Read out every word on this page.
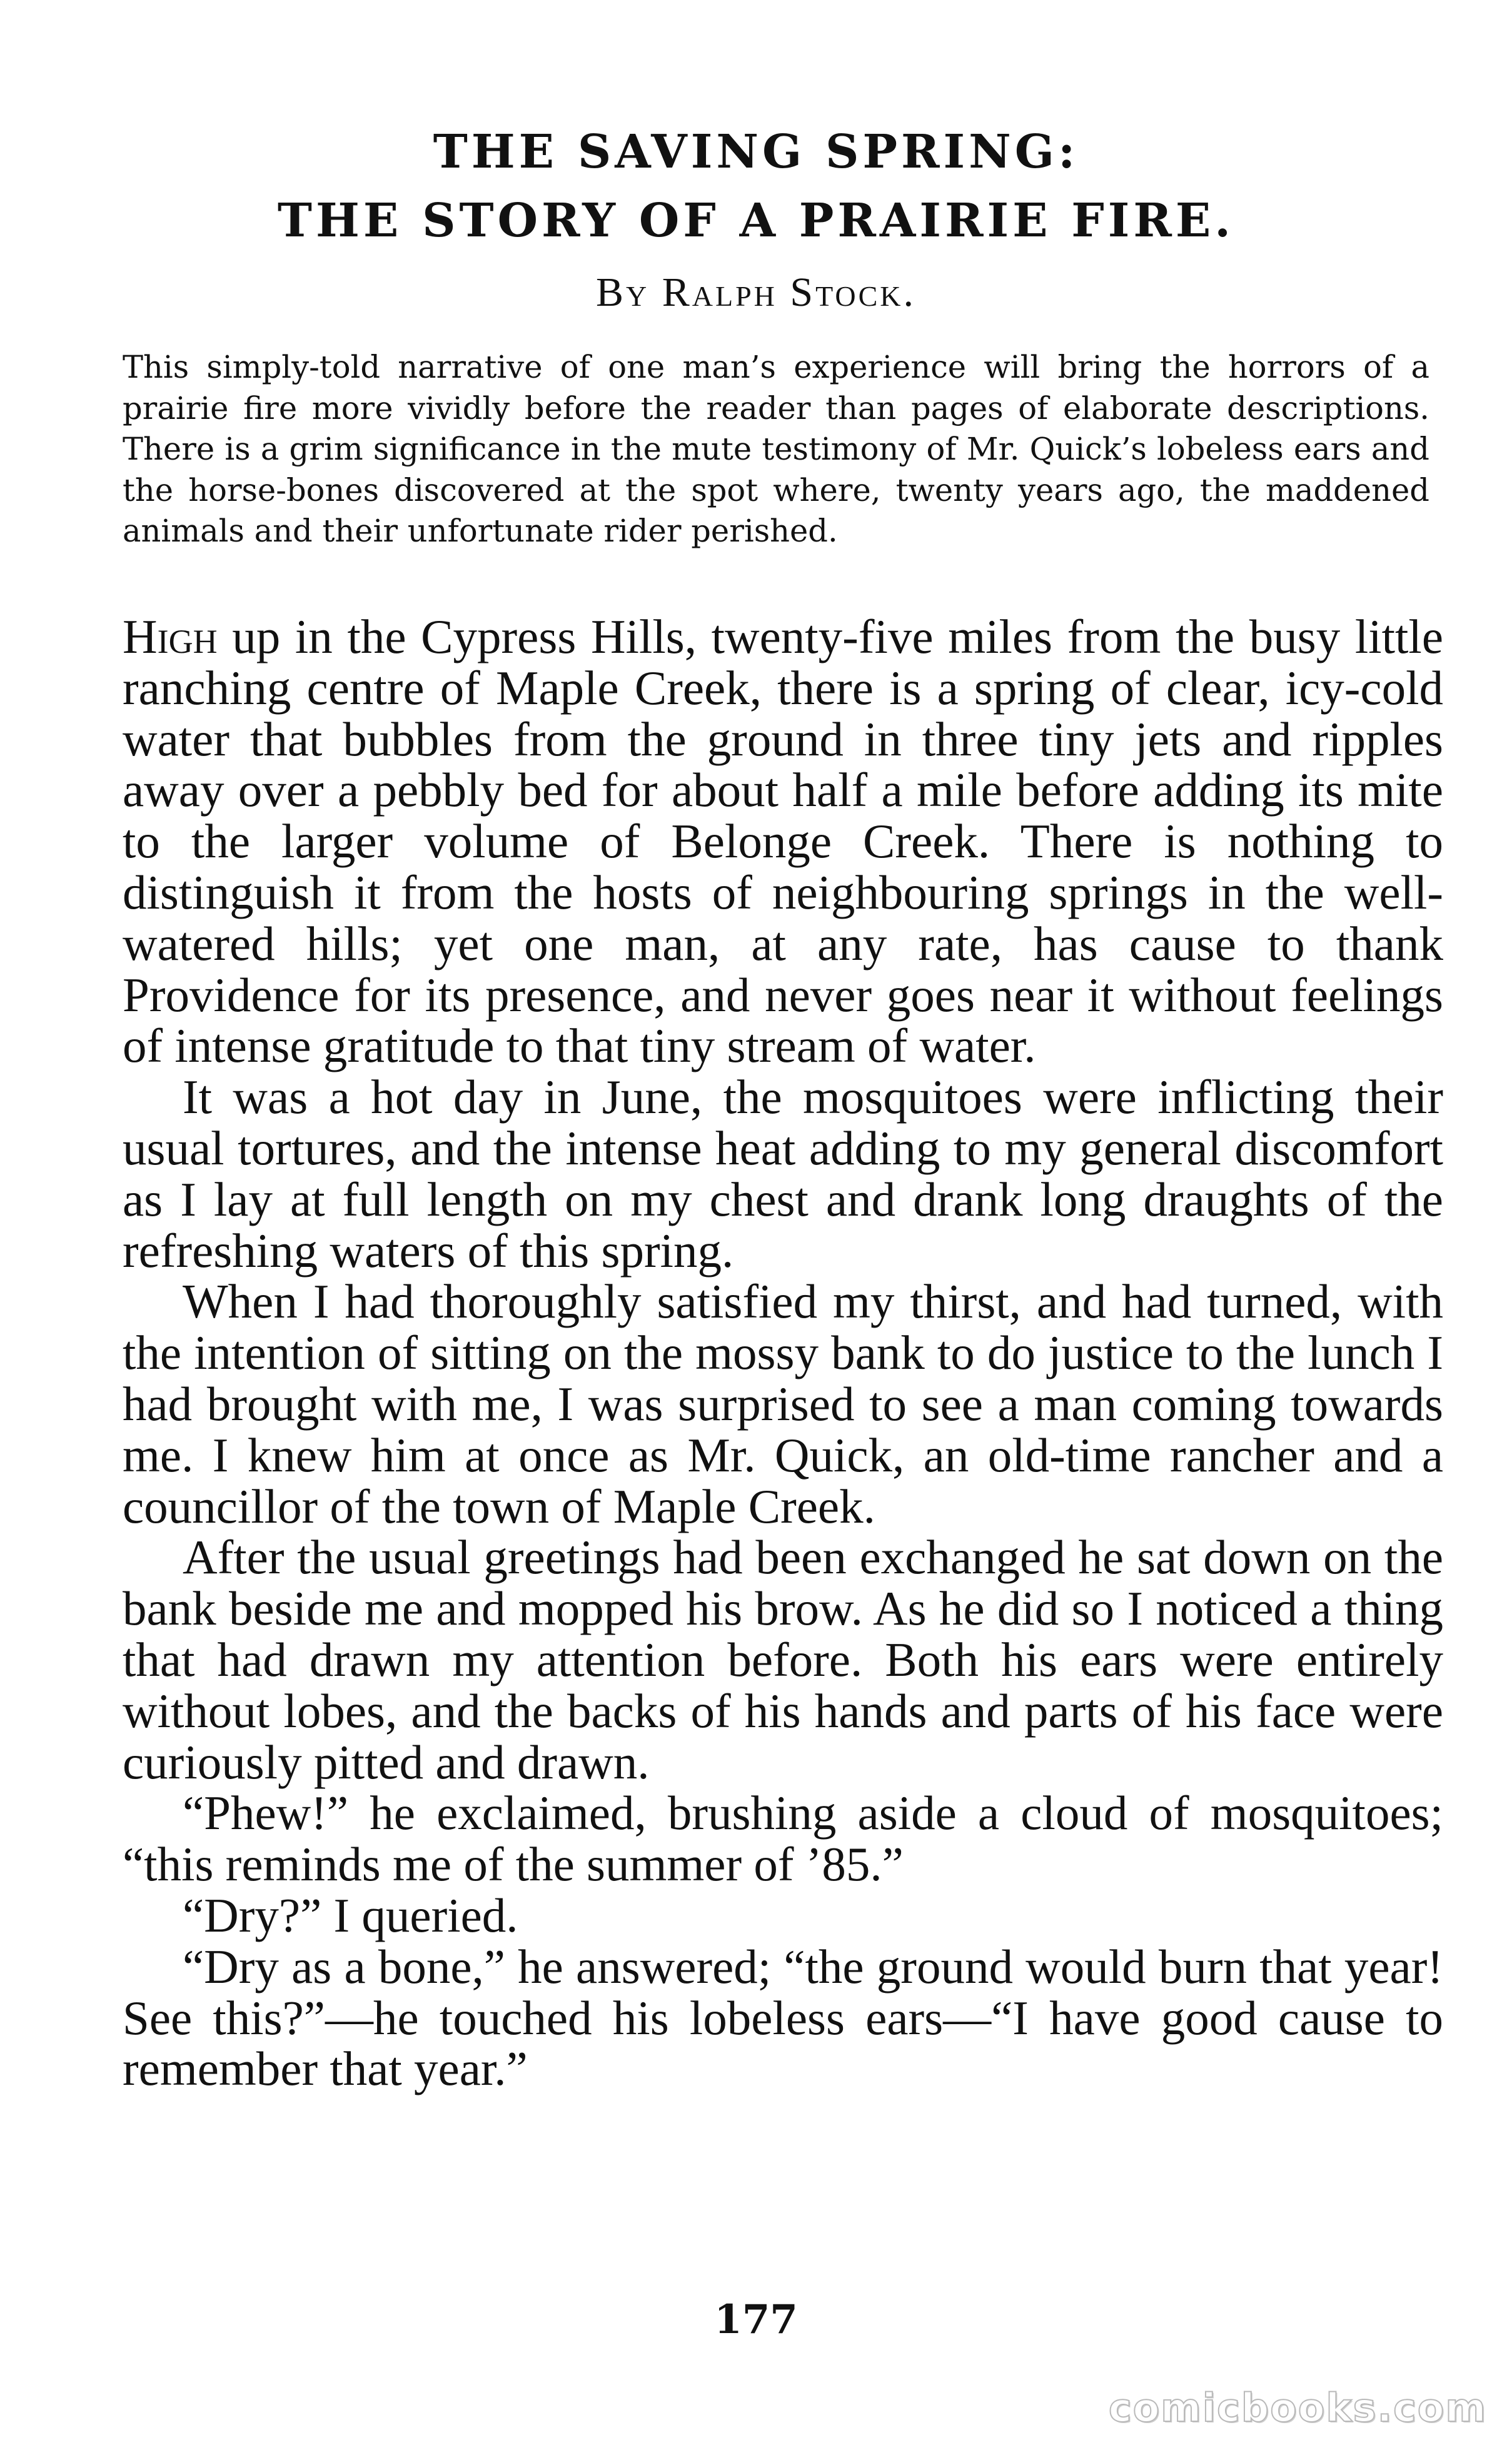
THE SAVING SPRING:
THE STORY OF A PRAIRIE FIRE.
By Ralph Stock.
This simply-told narrative of one man’s experience will bring the horrors of a prairie fire more vividly before the reader than pages of elaborate descriptions. There is a grim significance in the mute testimony of Mr. Quick’s lobeless ears and the horse-bones discovered at the spot where, twenty years ago, the maddened animals and their unfortunate rider perished.

High up in the Cypress Hills, twenty-five miles from the busy little ranching centre of Maple Creek, there is a spring of clear, icy-cold water that bubbles from the ground in three tiny jets and ripples away over a pebbly bed for about half a mile before adding its mite to the larger volume of Belonge Creek. There is nothing to distinguish it from the hosts of neighbouring springs in the well-watered hills; yet one man, at any rate, has cause to thank Providence for its presence, and never goes near it without feelings of intense gratitude to that tiny stream of water.

It was a hot day in June, the mosquitoes were inflicting their usual tortures, and the intense heat adding to my general discomfort as I lay at full length on my chest and drank long draughts of the refreshing waters of this spring.

When I had thoroughly satisfied my thirst, and had turned, with the intention of sitting on the mossy bank to do justice to the lunch I had brought with me, I was surprised to see a man coming towards me. I knew him at once as Mr. Quick, an old-time rancher and a councillor of the town of Maple Creek.

After the usual greetings had been exchanged he sat down on the bank beside me and mopped his brow. As he did so I noticed a thing that had drawn my attention before. Both his ears were entirely without lobes, and the backs of his hands and parts of his face were curiously pitted and drawn.

“Phew!” he exclaimed, brushing aside a cloud of mosquitoes; “this reminds me of the summer of ’85.”

“Dry?” I queried.

“Dry as a bone,” he answered; “the ground would burn that year! See this?”—he touched his lobeless ears—“I have good cause to remember that year.”

177
comicbooks.com
